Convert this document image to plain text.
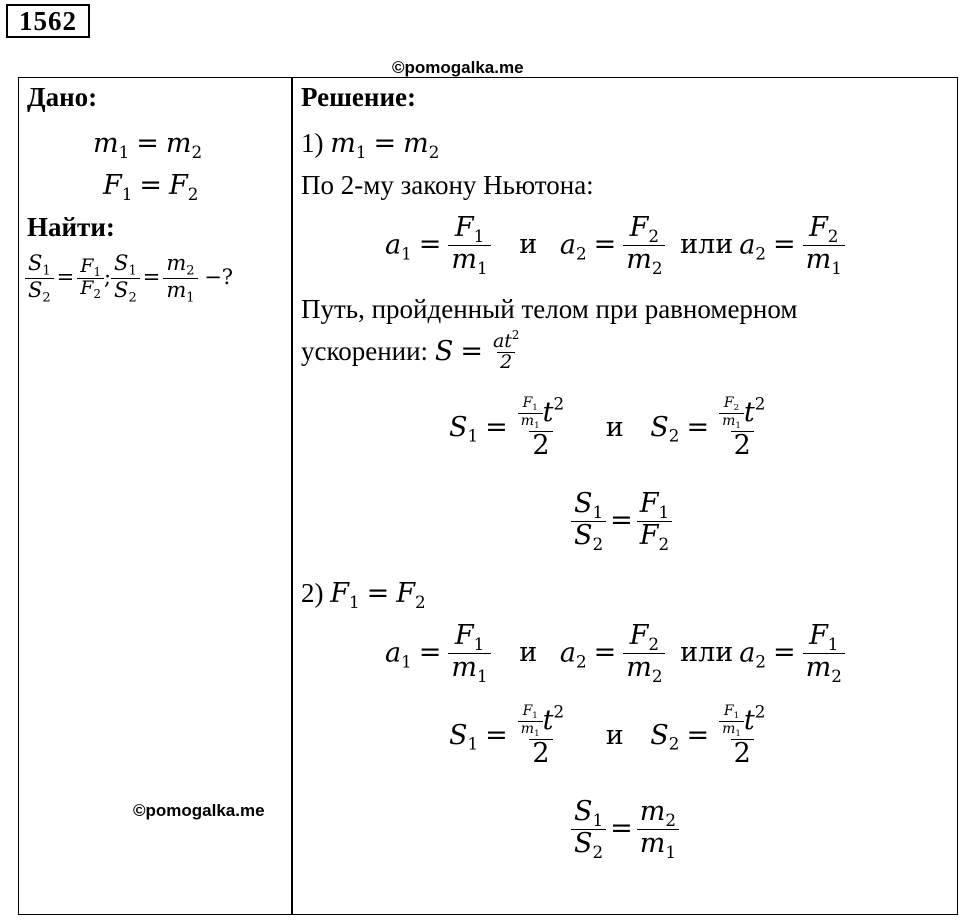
1562
©pomogalka.me
Дано:
$m_1 = m_2$
$F_1 = F_2$
Найти:
$\frac{S_1}{S_2} = \frac{F_1}{F_2}$ ; $\frac{S_1}{S_2} = \frac{m_2}{m_1}$ −?
Решение:
1) $m_1 = m_2$
По 2-му закону Ньютона:
$a_1 = \frac{F_1}{m_1}$ и $a_2 = \frac{F_2}{m_2}$ или $a_2 = \frac{F_2}{m_1}$
Путь, пройденный телом при равномерном
ускорении: $S = \frac{at^2}{2}$
$S_1 = \frac{\frac{F_1}{m_1} t^2}{2}$ и $S_2 = \frac{\frac{F_2}{m_1} t^2}{2}$
$\frac{S_1}{S_2} = \frac{F_1}{F_2}$
2) $F_1 = F_2$
$a_1 = \frac{F_1}{m_1}$ и $a_2 = \frac{F_2}{m_2}$ или $a_2 = \frac{F_1}{m_2}$
$S_1 = \frac{\frac{F_1}{m_1} t^2}{2}$ и $S_2 = \frac{\frac{F_1}{m_1} t^2}{2}$
$\frac{S_1}{S_2} = \frac{m_2}{m_1}$
©pomogalka.me
